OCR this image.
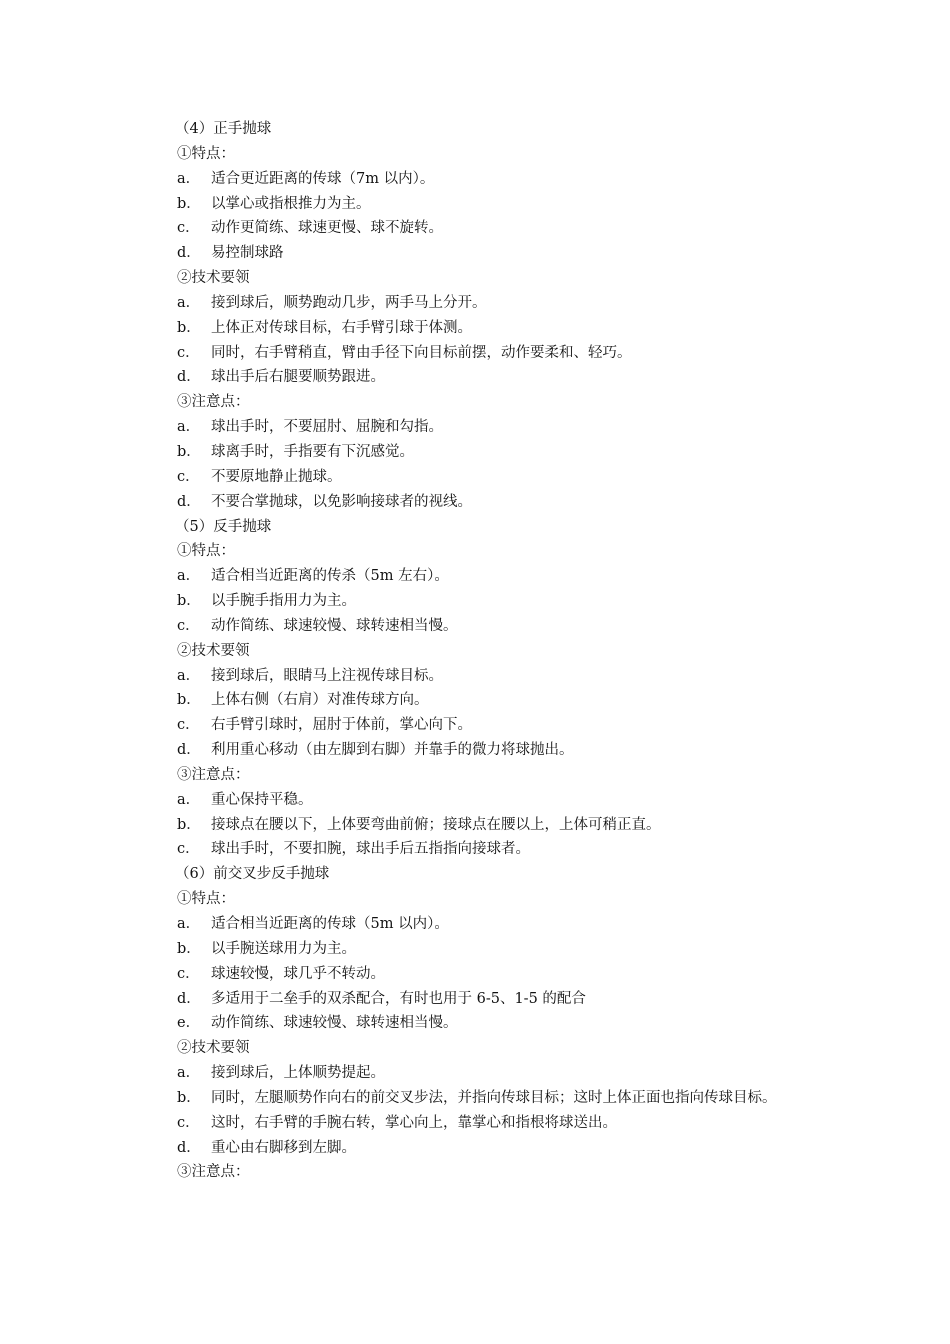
（4）正手抛球
①特点：
a． 适合更近距离的传球（7m 以内）。
b． 以掌心或指根推力为主。
c． 动作更简练、球速更慢、球不旋转。
d． 易控制球路
②技术要领
a． 接到球后，顺势跑动几步，两手马上分开。
b． 上体正对传球目标，右手臂引球于体测。
c． 同时，右手臂稍直，臂由手径下向目标前摆，动作要柔和、轻巧。
d． 球出手后右腿要顺势跟进。
③注意点：
a． 球出手时，不要屈肘、屈腕和勾指。
b． 球离手时，手指要有下沉感觉。
c． 不要原地静止抛球。
d． 不要合掌抛球，以免影响接球者的视线。
（5）反手抛球
①特点：
a． 适合相当近距离的传杀（5m 左右）。
b． 以手腕手指用力为主。
c． 动作简练、球速较慢、球转速相当慢。
②技术要领
a． 接到球后，眼睛马上注视传球目标。
b． 上体右侧（右肩）对准传球方向。
c． 右手臂引球时，屈肘于体前，掌心向下。
d． 利用重心移动（由左脚到右脚）并靠手的微力将球抛出。
③注意点：
a． 重心保持平稳。
b． 接球点在腰以下，上体要弯曲前俯；接球点在腰以上，上体可稍正直。
c． 球出手时，不要扣腕，球出手后五指指向接球者。
（6）前交叉步反手抛球
①特点：
a． 适合相当近距离的传球（5m 以内）。
b． 以手腕送球用力为主。
c． 球速较慢，球几乎不转动。
d． 多适用于二垒手的双杀配合，有时也用于 6-5、1-5 的配合
e． 动作简练、球速较慢、球转速相当慢。
②技术要领
a． 接到球后，上体顺势提起。
b． 同时，左腿顺势作向右的前交叉步法，并指向传球目标；这时上体正面也指向传球目标。
c． 这时，右手臂的手腕右转，掌心向上，靠掌心和指根将球送出。
d． 重心由右脚移到左脚。
③注意点：
